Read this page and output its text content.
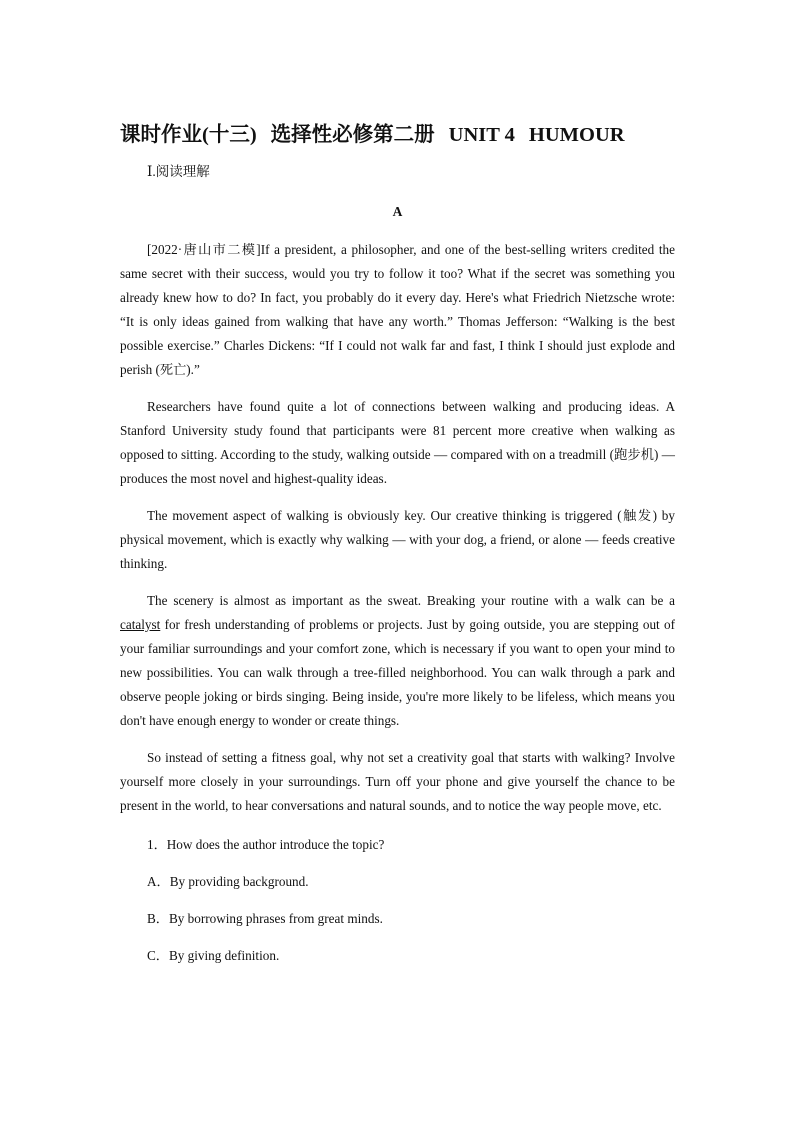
课时作业(十三) 选择性必修第二册 UNIT 4 HUMOUR
Ⅰ.阅读理解
A

[2022·唐山市二模]If a president, a philosopher, and one of the best-selling writers credited the same secret with their success, would you try to follow it too? What if the secret was something you already knew how to do? In fact, you probably do it every day. Here's what Friedrich Nietzsche wrote: “It is only ideas gained from walking that have any worth.” Thomas Jefferson: “Walking is the best possible exercise.” Charles Dickens: “If I could not walk far and fast, I think I should just explode and perish (死亡).”

Researchers have found quite a lot of connections between walking and producing ideas. A Stanford University study found that participants were 81 percent more creative when walking as opposed to sitting. According to the study, walking outside — compared with on a treadmill (跑步机) — produces the most novel and highest-quality ideas.

The movement aspect of walking is obviously key. Our creative thinking is triggered (触发) by physical movement, which is exactly why walking — with your dog, a friend, or alone — feeds creative thinking.

The scenery is almost as important as the sweat. Breaking your routine with a walk can be a catalyst for fresh understanding of problems or projects. Just by going outside, you are stepping out of your familiar surroundings and your comfort zone, which is necessary if you want to open your mind to new possibilities. You can walk through a tree-filled neighborhood. You can walk through a park and observe people joking or birds singing. Being inside, you're more likely to be lifeless, which means you don't have enough energy to wonder or create things.

So instead of setting a fitness goal, why not set a creativity goal that starts with walking? Involve yourself more closely in your surroundings. Turn off your phone and give yourself the chance to be present in the world, to hear conversations and natural sounds, and to notice the way people move, etc.

1．How does the author introduce the topic?
A．By providing background.
B．By borrowing phrases from great minds.
C．By giving definition.
